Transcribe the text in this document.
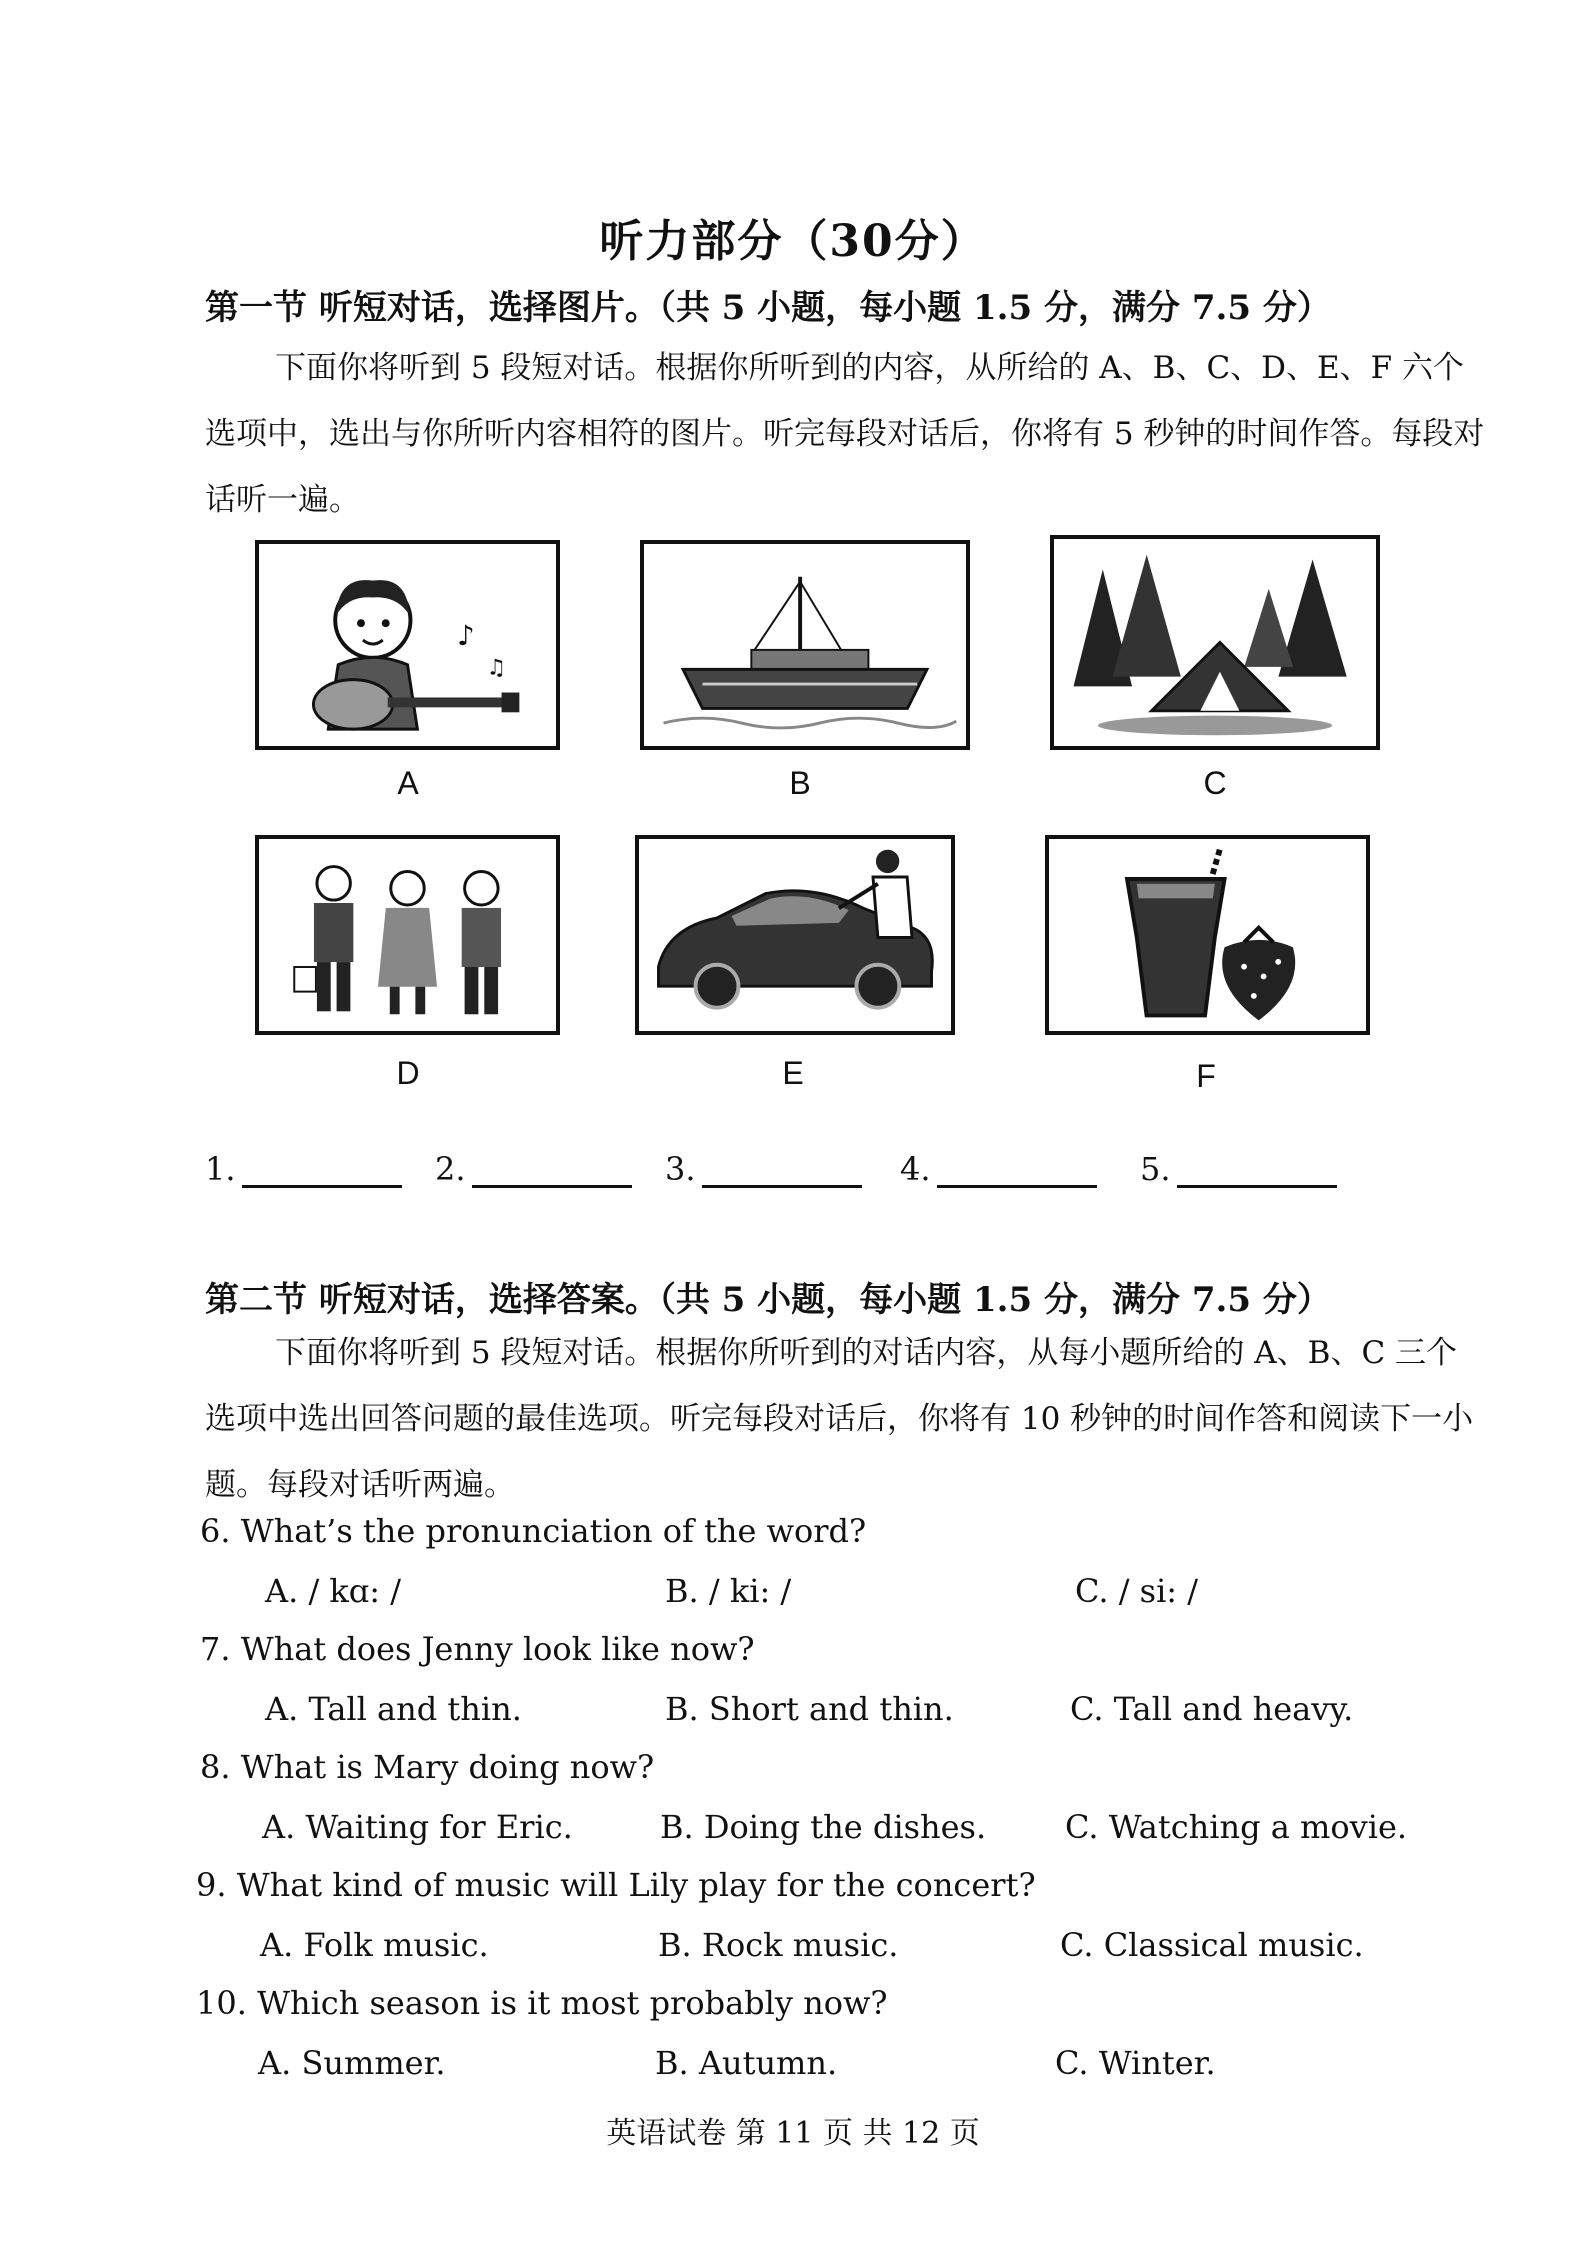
听力部分（30分）
第一节 听短对话，选择图片。（共 5 小题，每小题 1.5 分，满分 7.5 分）
下面你将听到 5 段短对话。根据你所听到的内容，从所给的 A、B、C、D、E、F 六个选项中，选出与你所听内容相符的图片。听完每段对话后，你将有 5 秒钟的时间作答。每段对话听一遍。
♪
♫
A	B	C
D	E	F
1.	2.	3.	4.	5.
第二节 听短对话，选择答案。（共 5 小题，每小题 1.5 分，满分 7.5 分）
下面你将听到 5 段短对话。根据你所听到的对话内容，从每小题所给的 A、B、C 三个选项中选出回答问题的最佳选项。听完每段对话后，你将有 10 秒钟的时间作答和阅读下一小题。每段对话听两遍。
6. What’s the pronunciation of the word?
A. / kɑ: /	B. / ki: /	C. / si: /
7. What does Jenny look like now?
A. Tall and thin.	B. Short and thin.	C. Tall and heavy.
8. What is Mary doing now?
A. Waiting for Eric.	B. Doing the dishes. C. Watching a movie.
9. What kind of music will Lily play for the concert?
A. Folk music.	B. Rock music.	C. Classical music.
10. Which season is it most probably now?
A. Summer.	B. Autumn.	C. Winter.
英语试卷 第 11 页 共 12 页
